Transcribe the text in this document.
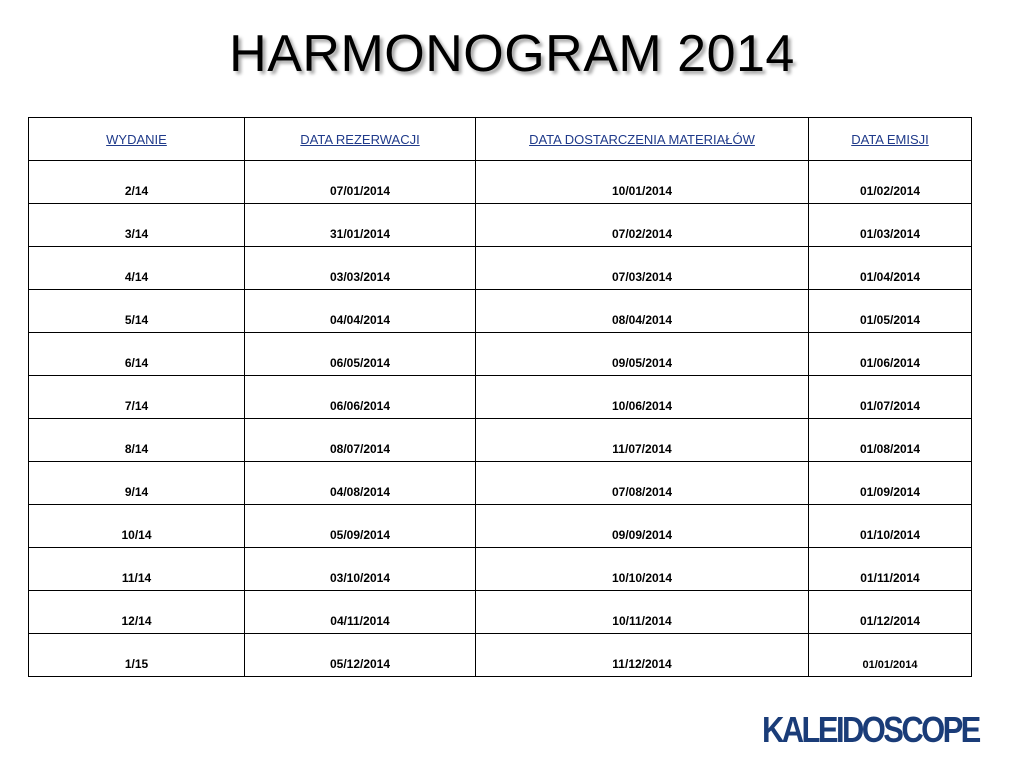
HARMONOGRAM 2014
WYDANIE	DATA REZERWACJI	DATA DOSTARCZENIA MATERIAŁÓW	DATA EMISJI
2/14	07/01/2014	10/01/2014	01/02/2014
3/14	31/01/2014	07/02/2014	01/03/2014
4/14	03/03/2014	07/03/2014	01/04/2014
5/14	04/04/2014	08/04/2014	01/05/2014
6/14	06/05/2014	09/05/2014	01/06/2014
7/14	06/06/2014	10/06/2014	01/07/2014
8/14	08/07/2014	11/07/2014	01/08/2014
9/14	04/08/2014	07/08/2014	01/09/2014
10/14	05/09/2014	09/09/2014	01/10/2014
11/14	03/10/2014	10/10/2014	01/11/2014
12/14	04/11/2014	10/11/2014	01/12/2014
1/15	05/12/2014	11/12/2014	01/01/2014
KALEIDOSCOPE
